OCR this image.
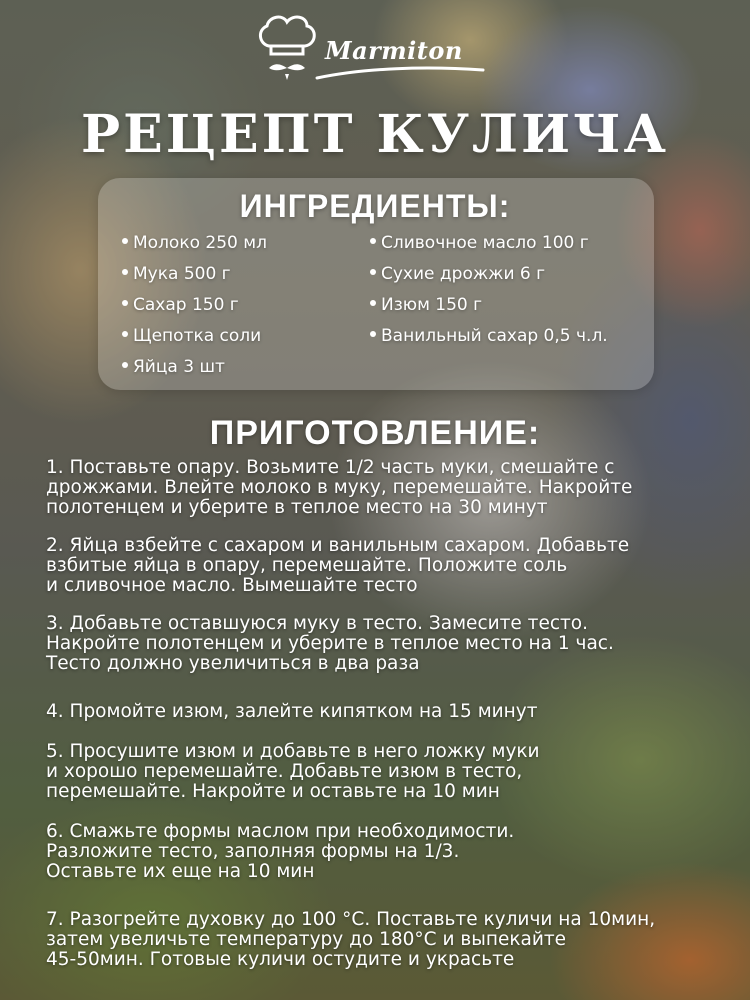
Marmiton
РЕЦЕПТ КУЛИЧА
ИНГРЕДИЕНТЫ:
Молоко 250 мл
Мука 500 г
Сахар 150 г
Щепотка соли
Яйца 3 шт
Сливочное масло 100 г
Сухие дрожжи 6 г
Изюм 150 г
Ванильный сахар 0,5 ч.л.
ПРИГОТОВЛЕНИЕ:

1. Поставьте опару. Возьмите 1/2 часть муки, смешайте с
дрожжами. Влейте молоко в муку, перемешайте. Накройте
полотенцем и уберите в теплое место на 30 минут

2. Яйца взбейте с сахаром и ванильным сахаром. Добавьте
взбитые яйца в опару, перемешайте. Положите соль
и сливочное масло. Вымешайте тесто

3. Добавьте оставшуюся муку в тесто. Замесите тесто.
Накройте полотенцем и уберите в теплое место на 1 час.
Тесто должно увеличиться в два раза

4. Промойте изюм, залейте кипятком на 15 минут

5. Просушите изюм и добавьте в него ложку муки
и хорошо перемешайте. Добавьте изюм в тесто,
перемешайте. Накройте и оставьте на 10 мин

6. Смажьте формы маслом при необходимости.
Разложите тесто, заполняя формы на 1/3.
Оставьте их еще на 10 мин

7. Разогрейте духовку до 100 °С. Поставьте куличи на 10мин,
затем увеличьте температуру до 180°С и выпекайте
45-50мин. Готовые куличи остудите и украсьте
